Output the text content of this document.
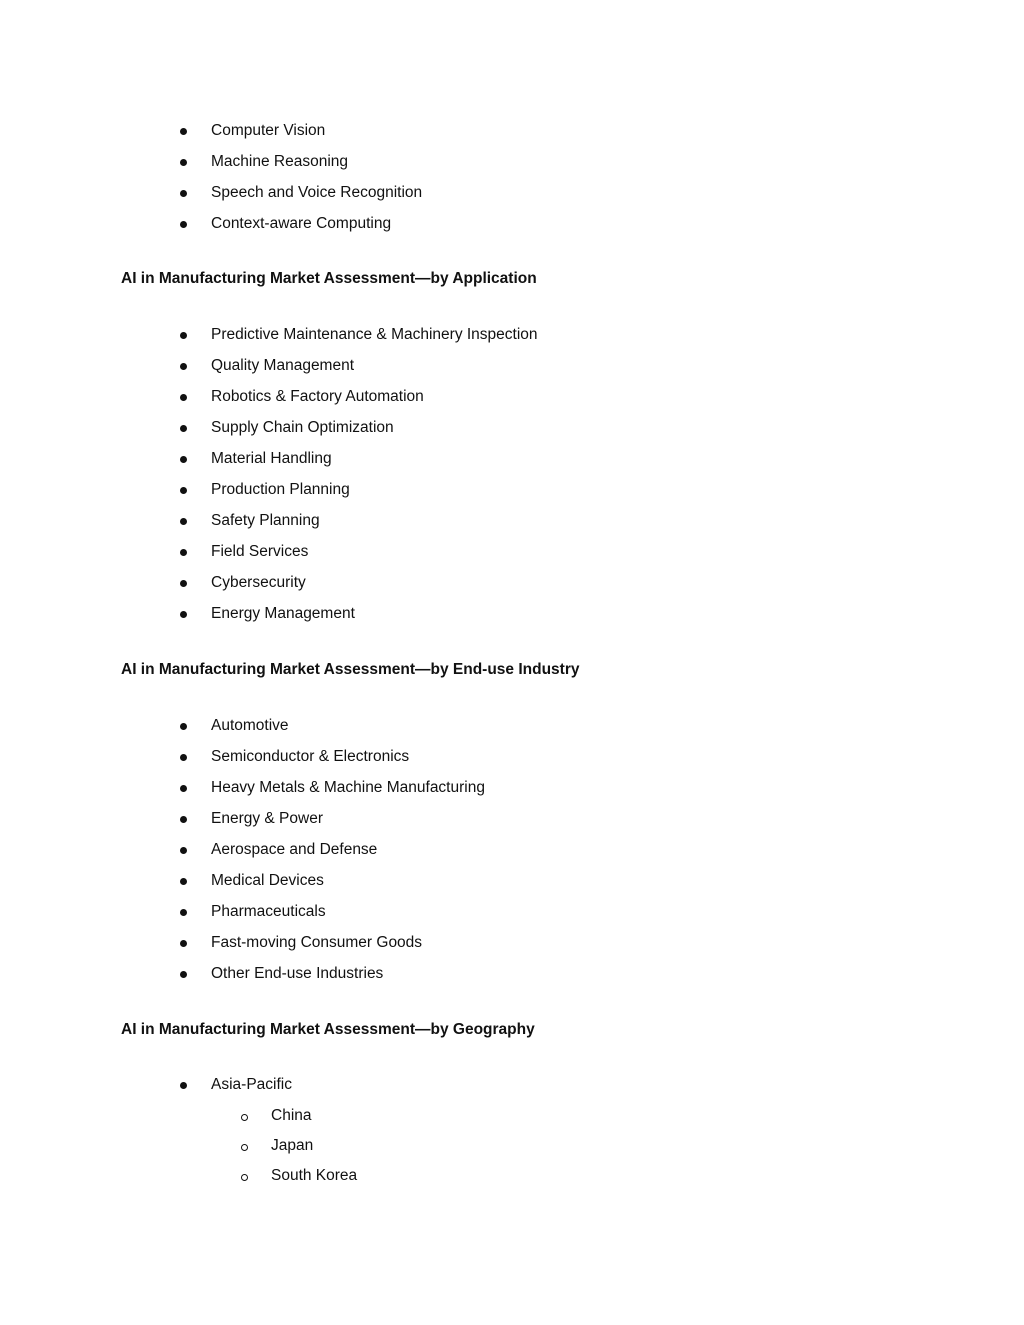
Computer Vision
Machine Reasoning
Speech and Voice Recognition
Context-aware Computing
AI in Manufacturing Market Assessment—by Application
Predictive Maintenance & Machinery Inspection
Quality Management
Robotics & Factory Automation
Supply Chain Optimization
Material Handling
Production Planning
Safety Planning
Field Services
Cybersecurity
Energy Management
AI in Manufacturing Market Assessment—by End-use Industry
Automotive
Semiconductor & Electronics
Heavy Metals & Machine Manufacturing
Energy & Power
Aerospace and Defense
Medical Devices
Pharmaceuticals
Fast-moving Consumer Goods
Other End-use Industries
AI in Manufacturing Market Assessment—by Geography
Asia-Pacific
China
Japan
South Korea
